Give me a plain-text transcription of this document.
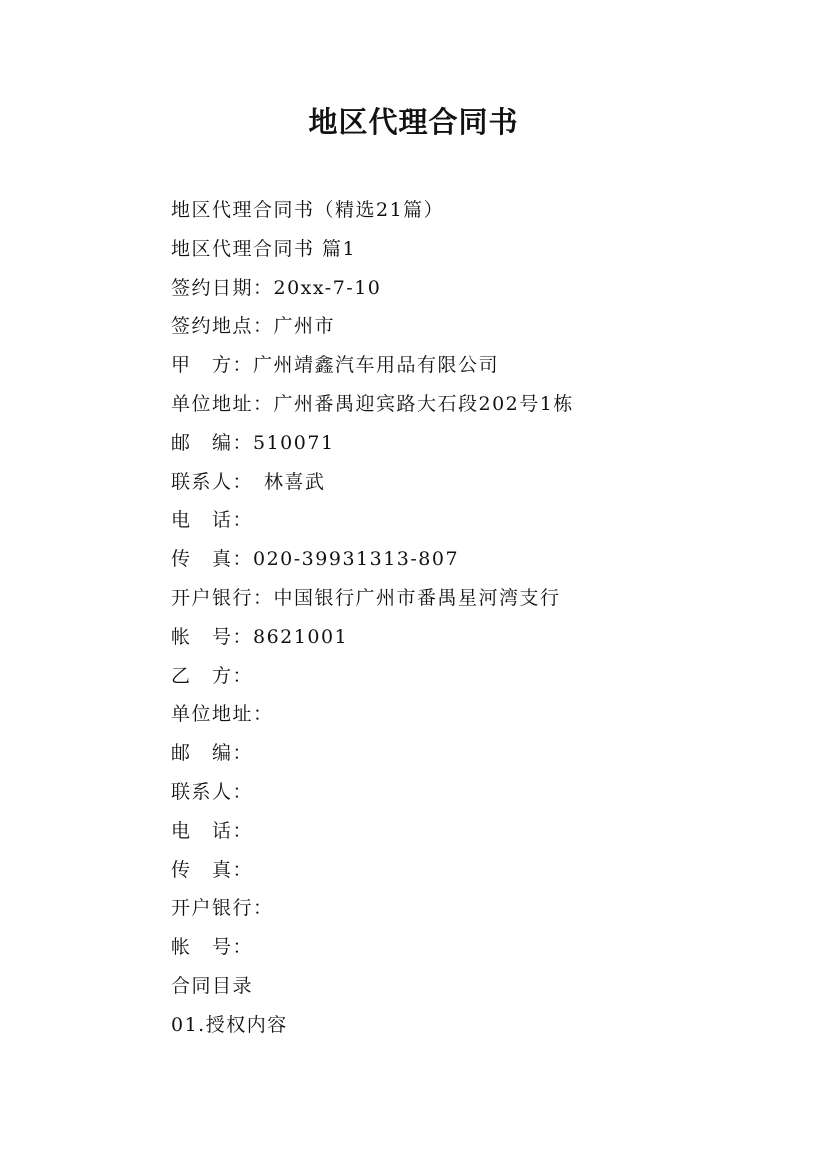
地区代理合同书
地区代理合同书（精选21篇）
地区代理合同书 篇1
签约日期：20xx-7-10
签约地点：广州市
甲　方：广州靖鑫汽车用品有限公司
单位地址：广州番禺迎宾路大石段202号1栋
邮　编：510071
联系人：　林喜武
电　话：
传　真：020-39931313-807
开户银行：中国银行广州市番禺星河湾支行
帐　号：8621001
乙　方：
单位地址：
邮　编：
联系人：
电　话：
传　真：
开户银行：
帐　号：
合同目录
01.授权内容
